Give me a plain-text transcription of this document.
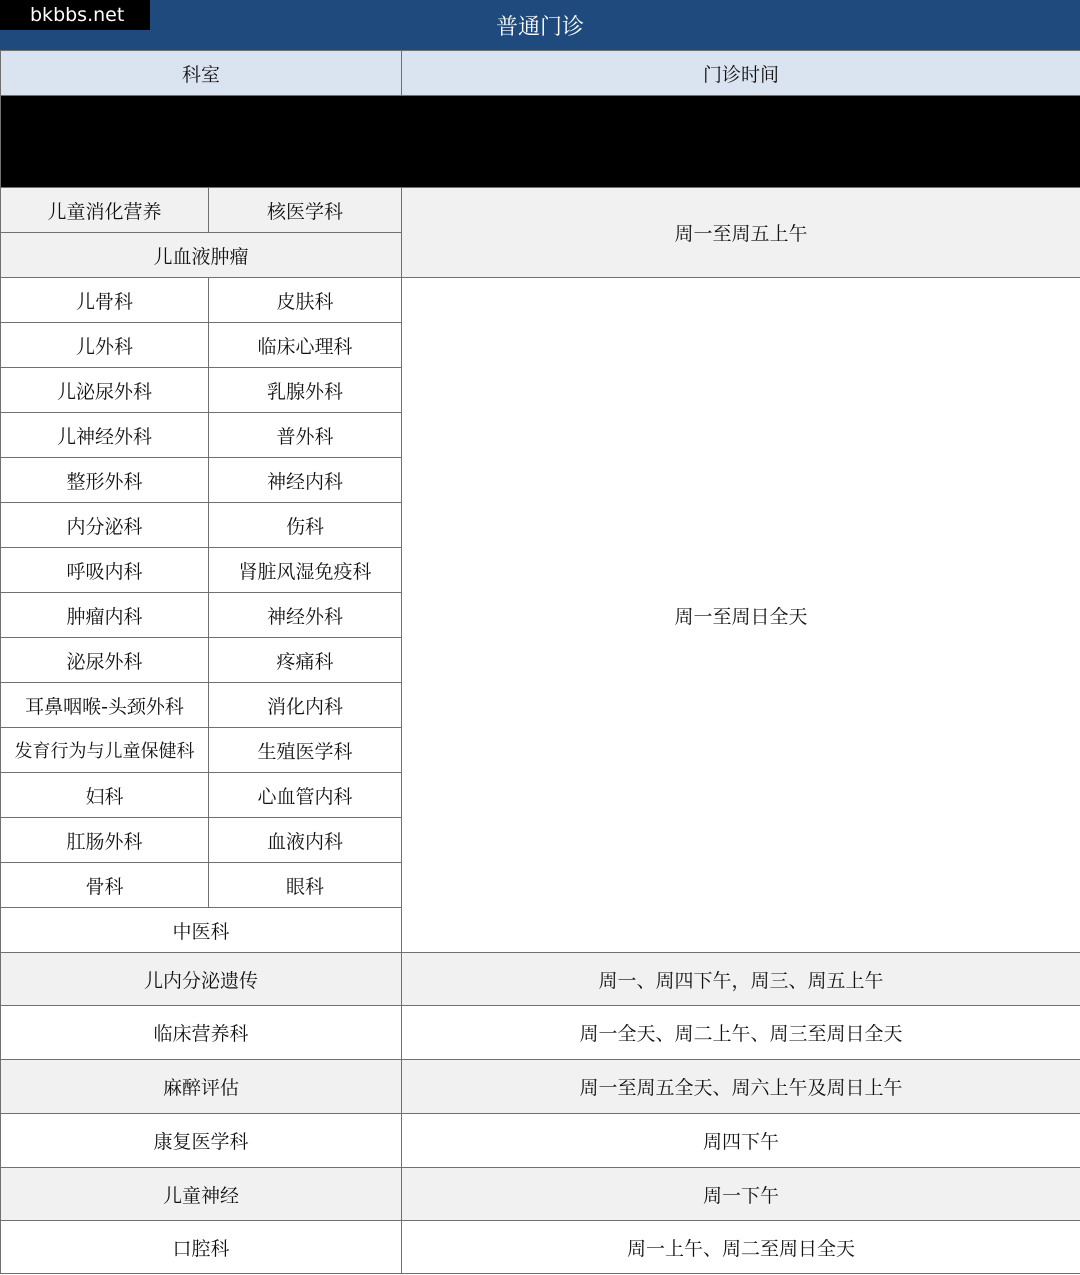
普通门诊
bkbbs.net
科室		门诊时间

儿童消化营养	核医学科	周一至周五上午
儿血液肿瘤		
儿骨科	皮肤科	周一至周日全天
儿外科	临床心理科	
儿泌尿外科	乳腺外科	
儿神经外科	普外科	
整形外科	神经内科	
内分泌科	伤科	
呼吸内科	肾脏风湿免疫科	
肿瘤内科	神经外科	
泌尿外科	疼痛科	
耳鼻咽喉-头颈外科	消化内科	
发育行为与儿童保健科	生殖医学科	
妇科	心血管内科	
肛肠外科	血液内科	
骨科	眼科	
中医科		
儿内分泌遗传		周一、周四下午，周三、周五上午
临床营养科		周一全天、周二上午、周三至周日全天
麻醉评估		周一至周五全天、周六上午及周日上午
康复医学科		周四下午
儿童神经		周一下午
口腔科		周一上午、周二至周日全天
